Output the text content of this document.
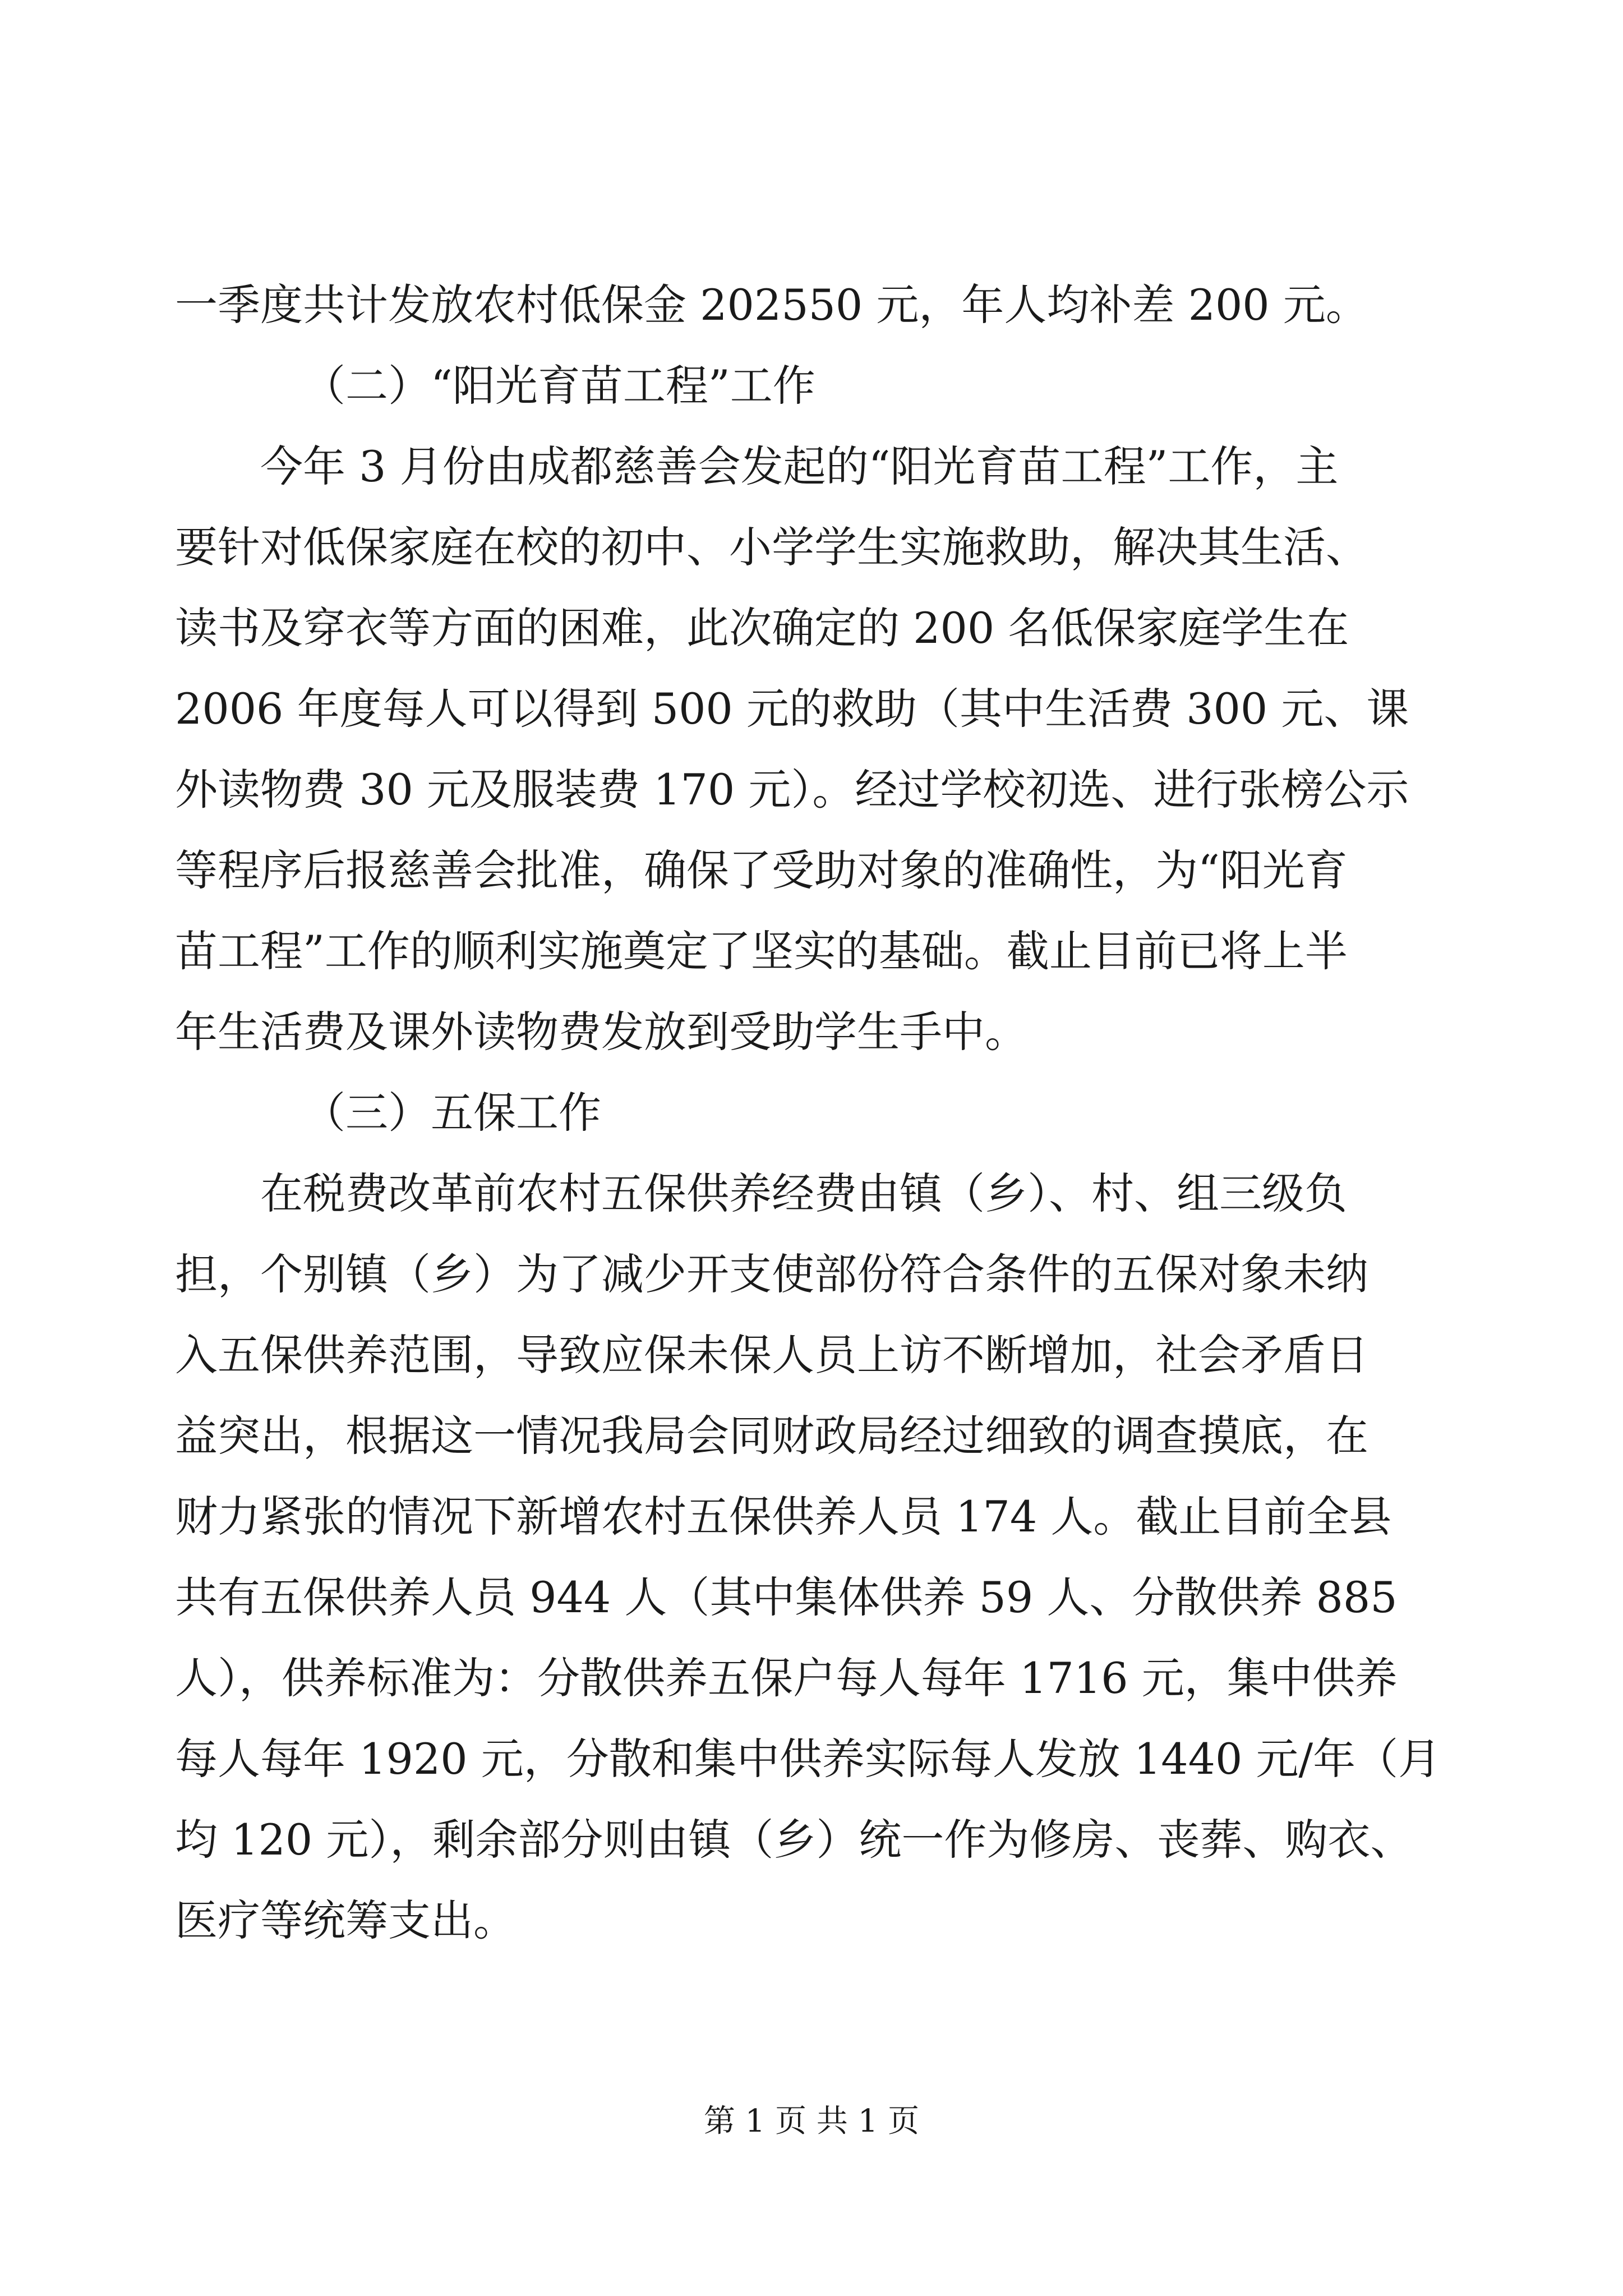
一季度共计发放农村低保金 202550 元，年人均补差 200 元。
（二）“阳光育苗工程”工作
今年 3 月份由成都慈善会发起的“阳光育苗工程”工作，主
要针对低保家庭在校的初中、小学学生实施救助，解决其生活、
读书及穿衣等方面的困难，此次确定的 200 名低保家庭学生在
2006 年度每人可以得到 500 元的救助（其中生活费 300 元、课
外读物费 30 元及服装费 170 元）。经过学校初选、进行张榜公示
等程序后报慈善会批准，确保了受助对象的准确性，为“阳光育
苗工程”工作的顺利实施奠定了坚实的基础。截止目前已将上半
年生活费及课外读物费发放到受助学生手中。
（三）五保工作
在税费改革前农村五保供养经费由镇（乡）、村、组三级负
担，个别镇（乡）为了减少开支使部份符合条件的五保对象未纳
入五保供养范围，导致应保未保人员上访不断增加，社会矛盾日
益突出，根据这一情况我局会同财政局经过细致的调查摸底，在
财力紧张的情况下新增农村五保供养人员 174 人。截止目前全县
共有五保供养人员 944 人（其中集体供养 59 人、分散供养 885
人），供养标准为：分散供养五保户每人每年 1716 元，集中供养
每人每年 1920 元，分散和集中供养实际每人发放 1440 元/年（月
均 120 元），剩余部分则由镇（乡）统一作为修房、丧葬、购衣、
医疗等统筹支出。
第 1 页 共 1 页
